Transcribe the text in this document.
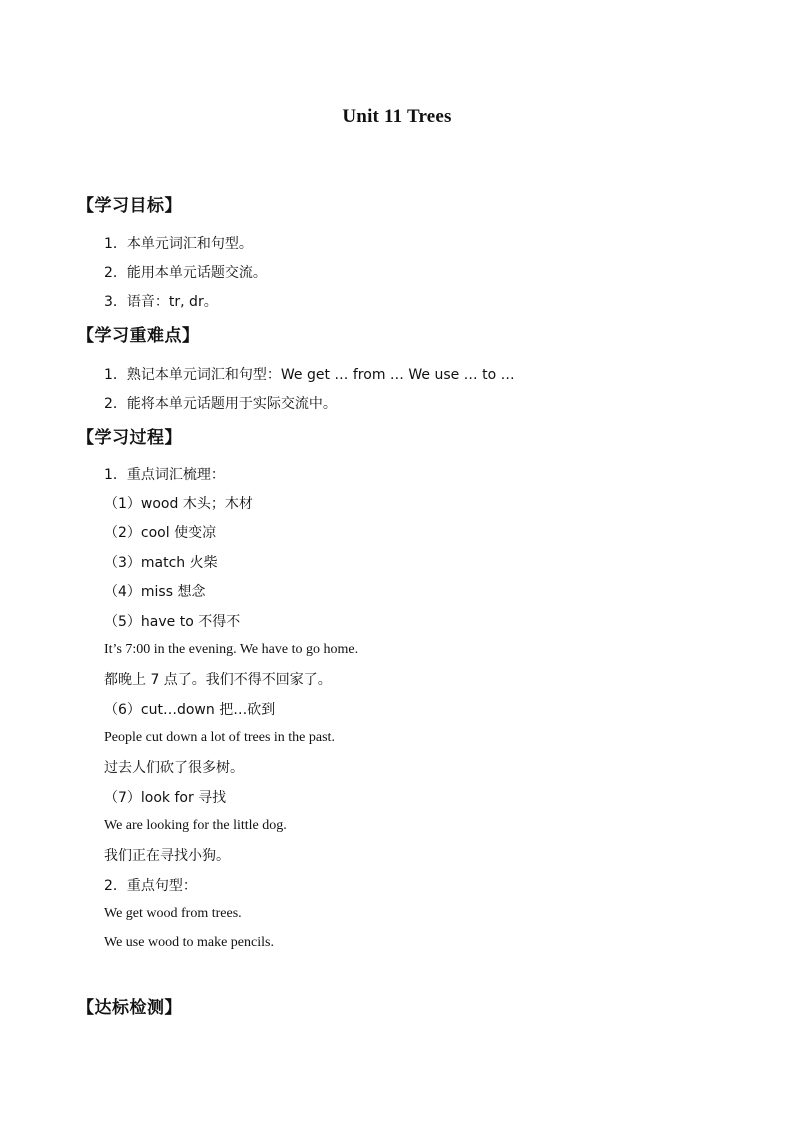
Unit 11 Trees
【学习目标】
1．本单元词汇和句型。
2．能用本单元话题交流。
3．语音：tr, dr。
【学习重难点】
1．熟记本单元词汇和句型：We get … from … We use … to …
2．能将本单元话题用于实际交流中。
【学习过程】
1．重点词汇梳理：
（1）wood 木头；木材
（2）cool 使变凉
（3）match 火柴
（4）miss 想念
（5）have to 不得不
It’s 7:00 in the evening. We have to go home.
都晚上 7 点了。我们不得不回家了。
（6）cut…down 把…砍到
People cut down a lot of trees in the past.
过去人们砍了很多树。
（7）look for 寻找
We are looking for the little dog.
我们正在寻找小狗。
2．重点句型：
We get wood from trees.
We use wood to make pencils.
【达标检测】
